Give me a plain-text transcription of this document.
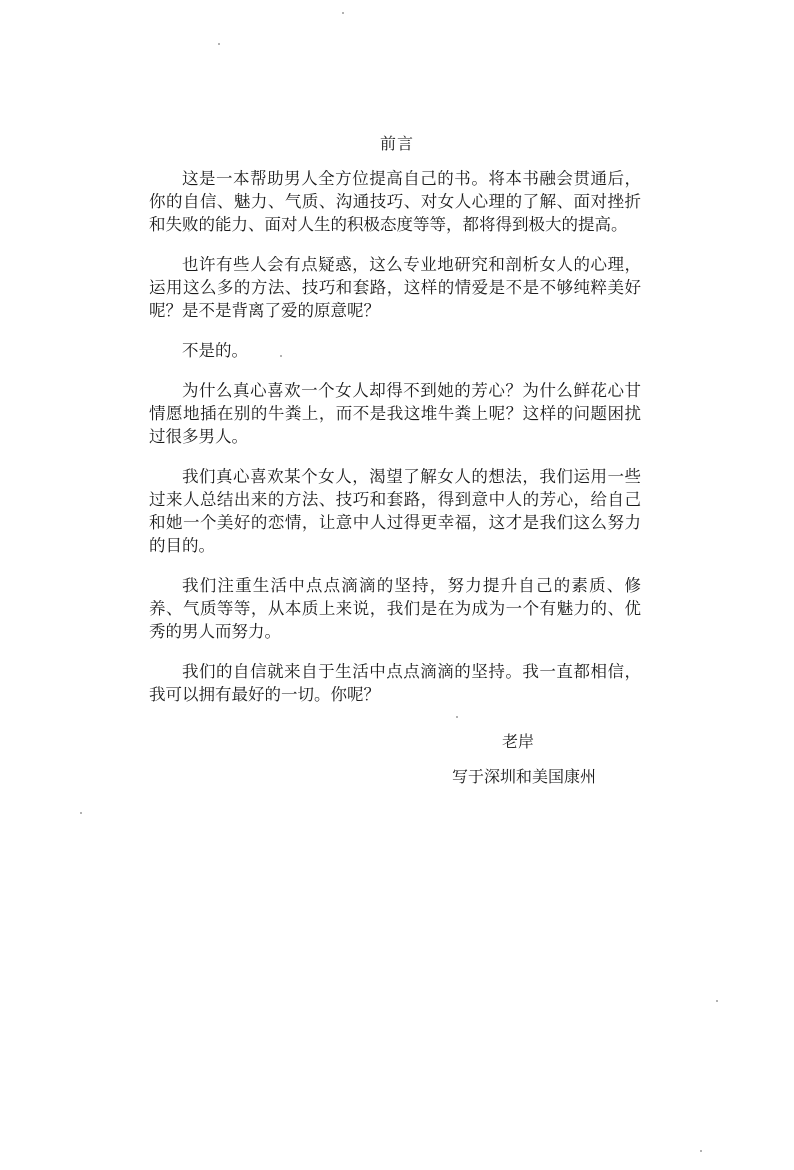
前言

这是一本帮助男人全方位提高自己的书。将本书融会贯通后，你的自信、魅力、气质、沟通技巧、对女人心理的了解、面对挫折和失败的能力、面对人生的积极态度等等，都将得到极大的提高。

也许有些人会有点疑惑，这么专业地研究和剖析女人的心理，运用这么多的方法、技巧和套路，这样的情爱是不是不够纯粹美好呢？是不是背离了爱的原意呢？

不是的。

为什么真心喜欢一个女人却得不到她的芳心？为什么鲜花心甘情愿地插在别的牛粪上，而不是我这堆牛粪上呢？这样的问题困扰过很多男人。

我们真心喜欢某个女人，渴望了解女人的想法，我们运用一些过来人总结出来的方法、技巧和套路，得到意中人的芳心，给自己和她一个美好的恋情，让意中人过得更幸福，这才是我们这么努力的目的。

我们注重生活中点点滴滴的坚持，努力提升自己的素质、修养、气质等等，从本质上来说，我们是在为成为一个有魅力的、优秀的男人而努力。

我们的自信就来自于生活中点点滴滴的坚持。我一直都相信，我可以拥有最好的一切。你呢？

老岸
写于深圳和美国康州
